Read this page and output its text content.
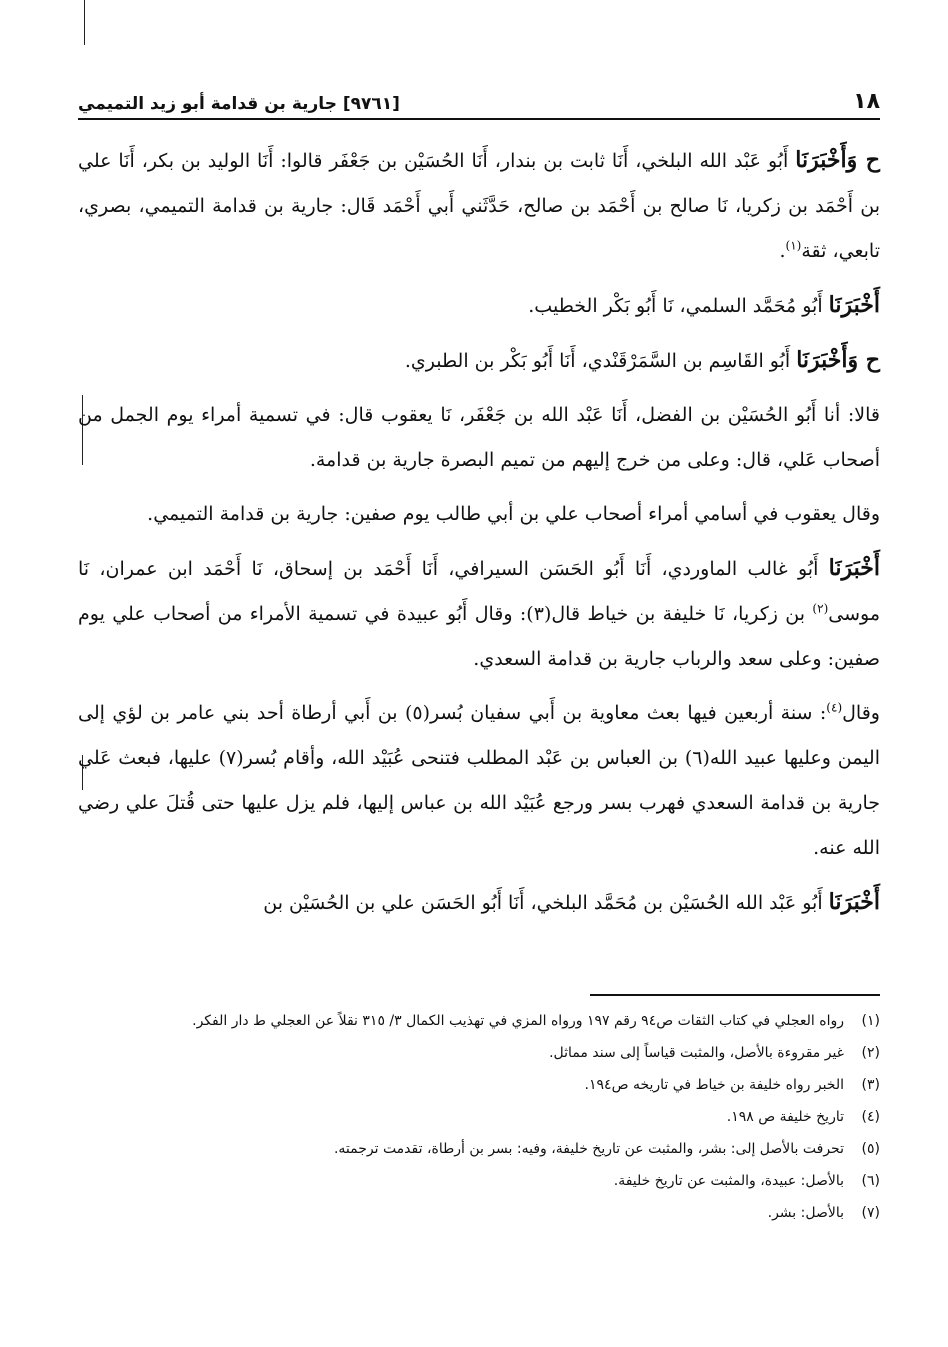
١٨
[٩٧٦١] جارية بن قدامة أبو زيد التميمي

ح وَأَخْبَرَنَا أَبُو عَبْد الله البلخي، أَنَا ثابت بن بندار، أَنَا الحُسَيْن بن جَعْفَر قالوا: أَنَا الوليد بن بكر، أَنَا علي بن أَحْمَد بن زكريا، نَا صالح بن أَحْمَد بن صالح، حَدَّثَني أَبي أَحْمَد قَال: جارية بن قدامة التميمي، بصري، تابعي، ثقة$^{(١)}$.

أَخْبَرَنَا أَبُو مُحَمَّد السلمي، نَا أَبُو بَكْر الخطيب.

ح وَأَخْبَرَنَا أَبُو القَاسِم بن السَّمَرْقَنْدي، أَنَا أَبُو بَكْر بن الطبري.

قالا: أنا أَبُو الحُسَيْن بن الفضل، أَنَا عَبْد الله بن جَعْفَر، نَا يعقوب قال: في تسمية أمراء يوم الجمل من أصحاب عَلي، قال: وعلى من خرج إليهم من تميم البصرة جارية بن قدامة.

وقال يعقوب في أسامي أمراء أصحاب علي بن أبي طالب يوم صفين: جارية بن قدامة التميمي.

أَخْبَرَنَا أَبُو غالب الماوردي، أَنَا أَبُو الحَسَن السيرافي، أَنَا أَحْمَد بن إسحاق، نَا أَحْمَد ابن عمران، نَا موسى$^{(٢)}$ بن زكريا، نَا خليفة بن خياط قال(٣): وقال أَبُو عبيدة في تسمية الأمراء من أصحاب علي يوم صفين: وعلى سعد والرباب جارية بن قدامة السعدي.

وقال$^{(٤)}$: سنة أربعين فيها بعث معاوية بن أَبي سفيان بُسر(٥) بن أَبي أرطاة أحد بني عامر بن لؤي إلى اليمن وعليها عبيد الله(٦) بن العباس بن عَبْد المطلب فتنحى عُبَيْد الله، وأقام بُسر(٧) عليها، فبعث عَلي جارية بن قدامة السعدي فهرب بسر ورجع عُبَيْد الله بن عباس إليها، فلم يزل عليها حتى قُتلَ علي رضي الله عنه.

أَخْبَرَنَا أَبُو عَبْد الله الحُسَيْن بن مُحَمَّد البلخي، أَنَا أَبُو الحَسَن علي بن الحُسَيْن بن

(١)
رواه العجلي في كتاب الثقات ص٩٤ رقم ١٩٧ ورواه المزي في تهذيب الكمال ٣/ ٣١٥ نقلاً عن العجلي ط دار الفكر.
(٢)
غير مقروءة بالأصل، والمثبت قياساً إلى سند مماثل.
(٣)
الخبر رواه خليفة بن خياط في تاريخه ص١٩٤.
(٤)
تاريخ خليفة ص ١٩٨.
(٥)
تحرفت بالأصل إلى: بشر، والمثبت عن تاريخ خليفة، وفيه: بسر بن أرطاة، تقدمت ترجمته.
(٦)
بالأصل: عبيدة، والمثبت عن تاريخ خليفة.
(٧)
بالأصل: بشر.
